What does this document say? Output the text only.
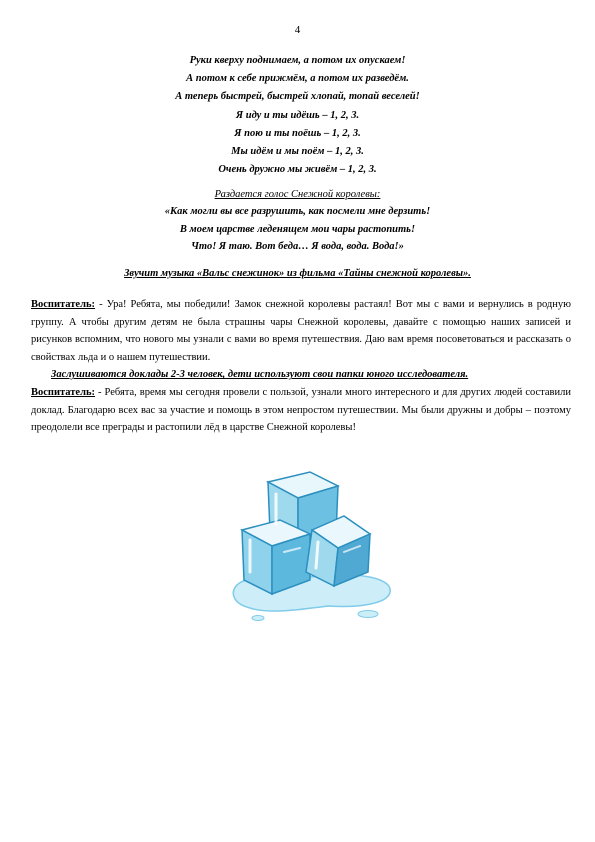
4
Руки кверху поднимаем, а потом их опускаем!
А потом к себе прижмём, а потом их разведём.
А теперь быстрей, быстрей хлопай, топай веселей!
Я иду и ты идёшь – 1, 2, 3.
Я пою и ты поёшь – 1, 2, 3.
Мы идём и мы поём – 1, 2, 3.
Очень дружно мы живём – 1, 2, 3.
Раздается голос Снежной королевы:
«Как могли вы все разрушить, как посмели мне дерзить!
В моем царстве леденящем мои чары растопить!
Что! Я таю. Вот беда… Я вода, вода. Вода!»
Звучит музыка «Вальс снежинок» из фильма «Тайны снежной королевы».

Воспитатель: - Ура! Ребята, мы победили! Замок снежной королевы растаял! Вот мы с вами и вернулись в родную группу. А чтобы другим детям не была страшны чары Снежной королевы, давайте с помощью наших записей и рисунков вспомним, что нового мы узнали с вами во время путешествия. Даю вам время посоветоваться и рассказать о свойствах льда и о нашем путешествии.

Заслушиваются доклады 2-3 человек, дети используют свои папки юного исследователя.

Воспитатель: - Ребята, время мы сегодня провели с пользой, узнали много интересного и для других людей составили доклад. Благодарю всех вас за участие и помощь в этом непростом путешествии. Мы были дружны и добры – поэтому преодолели все преграды и растопили лёд в царстве Снежной королевы!
